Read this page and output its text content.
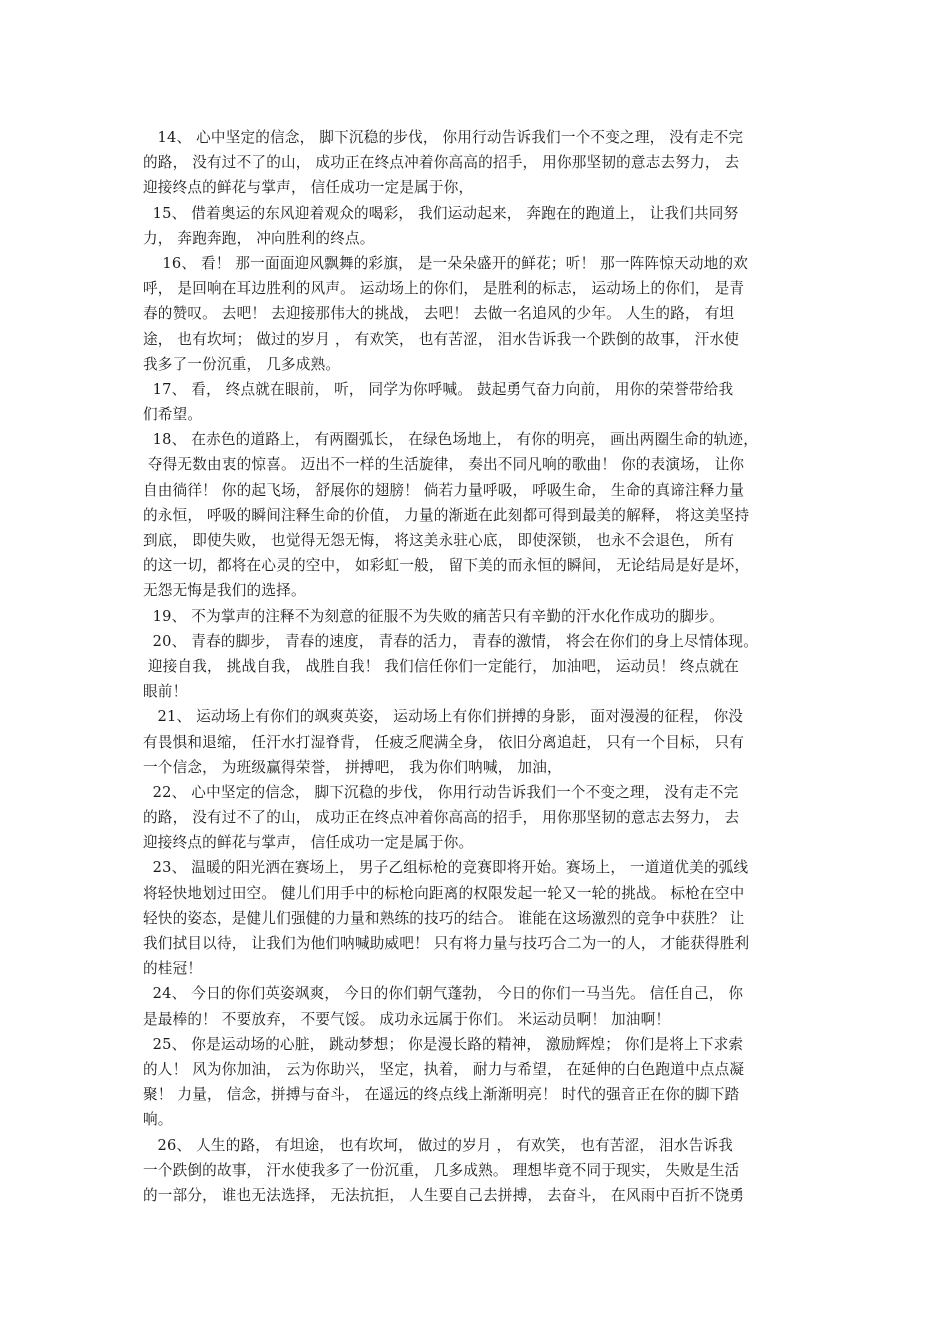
14、 心中坚定的信念， 脚下沉稳的步伐， 你用行动告诉我们一个不变之理， 没有走不完
的路， 没有过不了的山， 成功正在终点冲着你高高的招手， 用你那坚韧的意志去努力， 去
迎接终点的鲜花与掌声， 信任成功一定是属于你，
15、 借着奥运的东风迎着观众的喝彩， 我们运动起来， 奔跑在的跑道上， 让我们共同努
力， 奔跑奔跑， 冲向胜利的终点。
16、 看！ 那一面面迎风飘舞的彩旗， 是一朵朵盛开的鲜花；听！ 那一阵阵惊天动地的欢
呼， 是回响在耳边胜利的风声。 运动场上的你们， 是胜利的标志， 运动场上的你们， 是青
春的赞叹。 去吧！ 去迎接那伟大的挑战， 去吧！ 去做一名追风的少年。 人生的路， 有坦
途， 也有坎坷； 做过的岁月 ， 有欢笑， 也有苦涩， 泪水告诉我一个跌倒的故事， 汗水使
我多了一份沉重， 几多成熟。
17、 看， 终点就在眼前， 听， 同学为你呼喊。 鼓起勇气奋力向前， 用你的荣誉带给我
们希望。
18、 在赤色的道路上， 有两圈弧长， 在绿色场地上， 有你的明亮， 画出两圈生命的轨迹，
夺得无数由衷的惊喜。 迈出不一样的生活旋律， 奏出不同凡响的歌曲！ 你的表演场， 让你
自由徜徉！ 你的起飞场， 舒展你的翅膀！ 倘若力量呼吸， 呼吸生命， 生命的真谛注释力量
的永恒， 呼吸的瞬间注释生命的价值， 力量的渐逝在此刻都可得到最美的解释， 将这美坚持
到底， 即使失败， 也觉得无怨无悔， 将这美永驻心底， 即使深锁， 也永不会退色， 所有
的这一切，都将在心灵的空中， 如彩虹一般， 留下美的而永恒的瞬间， 无论结局是好是坏，
无怨无悔是我们的选择。
19、 不为掌声的注释不为刻意的征服不为失败的痛苦只有辛勤的汗水化作成功的脚步。
20、 青春的脚步， 青春的速度， 青春的活力， 青春的激情， 将会在你们的身上尽情体现。
迎接自我， 挑战自我， 战胜自我！ 我们信任你们一定能行， 加油吧， 运动员！ 终点就在
眼前！
21、 运动场上有你们的飒爽英姿， 运动场上有你们拼搏的身影， 面对漫漫的征程， 你没
有畏惧和退缩， 任汗水打湿脊背， 任疲乏爬满全身， 依旧分离追赶， 只有一个目标， 只有
一个信念， 为班级赢得荣誉， 拼搏吧， 我为你们呐喊， 加油，
22、 心中坚定的信念， 脚下沉稳的步伐， 你用行动告诉我们一个不变之理， 没有走不完
的路， 没有过不了的山， 成功正在终点冲着你高高的招手， 用你那坚韧的意志去努力， 去
迎接终点的鲜花与掌声， 信任成功一定是属于你。
23、 温暖的阳光洒在赛场上， 男子乙组标枪的竞赛即将开始。赛场上， 一道道优美的弧线
将轻快地划过田空。 健儿们用手中的标枪向距离的权限发起一轮又一轮的挑战。 标枪在空中
轻快的姿态，是健儿们强健的力量和熟练的技巧的结合。 谁能在这场激烈的竞争中获胜？ 让
我们拭目以待， 让我们为他们呐喊助威吧！ 只有将力量与技巧合二为一的人， 才能获得胜利
的桂冠！
24、 今日的你们英姿飒爽， 今日的你们朝气蓬勃， 今日的你们一马当先。 信任自己， 你
是最棒的！ 不要放弃， 不要气馁。 成功永远属于你们。 米运动员啊！ 加油啊！
25、 你是运动场的心脏， 跳动梦想； 你是漫长路的精神， 激励辉煌； 你们是将上下求索
的人！ 风为你加油， 云为你助兴， 坚定，执着， 耐力与希望， 在延伸的白色跑道中点点凝
聚！ 力量， 信念，拼搏与奋斗， 在遥远的终点线上渐渐明亮！ 时代的强音正在你的脚下踏
响。
26、 人生的路， 有坦途， 也有坎坷， 做过的岁月 ， 有欢笑， 也有苦涩， 泪水告诉我
一个跌倒的故事， 汗水使我多了一份沉重， 几多成熟。 理想毕竟不同于现实， 失败是生活
的一部分， 谁也无法选择， 无法抗拒， 人生要自己去拼搏， 去奋斗， 在风雨中百折不饶勇
